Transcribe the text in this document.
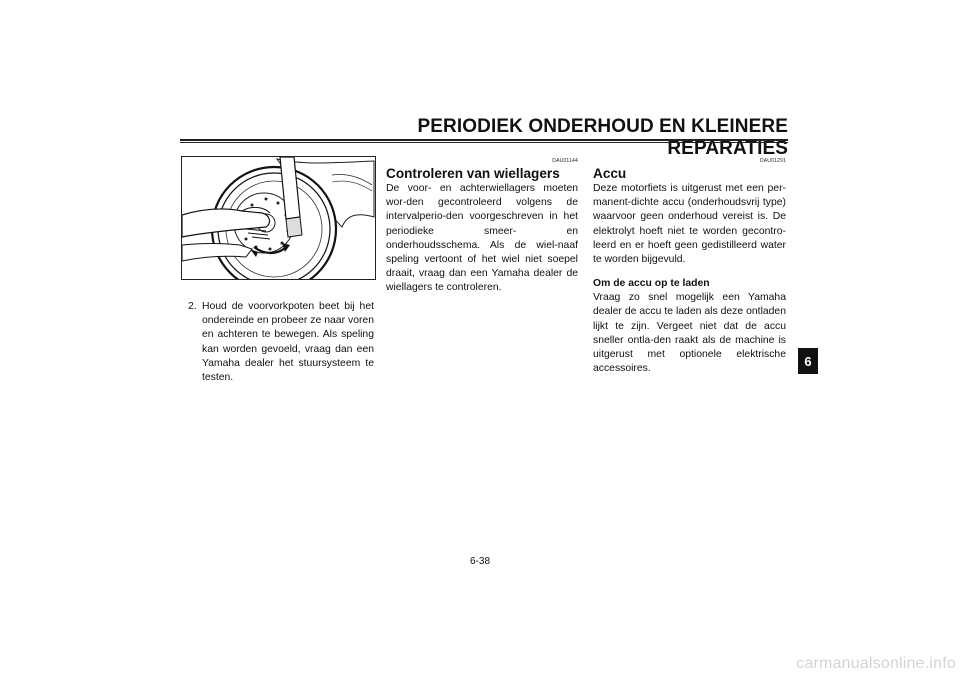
PERIODIEK ONDERHOUD EN KLEINERE REPARATIES
2. Houd de voorvorkpoten beet bij het ondereinde en probeer ze naar voren en achteren te bewegen. Als speling kan worden gevoeld, vraag dan een Yamaha dealer het stuursysteem te testen.
DAU01144
Controleren van wiellagers

De voor- en achterwiellagers moeten wor-den gecontroleerd volgens de intervalperio-den voorgeschreven in het periodieke smeer- en onderhoudsschema. Als de wiel-naaf speling vertoont of het wiel niet soepel draait, vraag dan een Yamaha dealer de wiellagers te controleren.

DAU01291
Accu

Deze motorfiets is uitgerust met een per-manent-dichte accu (onderhoudsvrij type) waarvoor geen onderhoud vereist is. De elektrolyt hoeft niet te worden gecontro-leerd en er hoeft geen gedistilleerd water te worden bijgevuld.

Om de accu op te laden

Vraag zo snel mogelijk een Yamaha dealer de accu te laden als deze ontladen lijkt te zijn. Vergeet niet dat de accu sneller ontla-den raakt als de machine is uitgerust met optionele elektrische accessoires.

6
6-38
carmanualsonline.info
